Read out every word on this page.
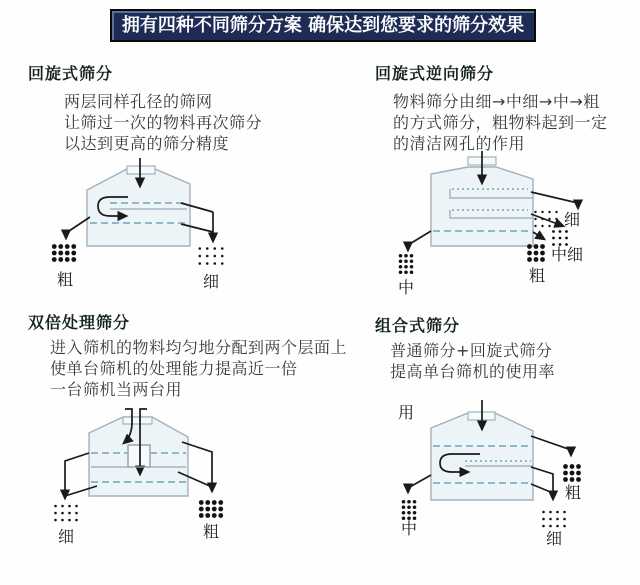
拥有四种不同筛分方案 确保达到您要求的筛分效果
回旋式筛分
两层同样孔径的筛网
让筛过一次的物料再次筛分
以达到更高的筛分精度
粗	细
回旋式逆向筛分
物料筛分由细→中细→中→粗
的方式筛分，粗物料起到一定
的清洁网孔的作用
细
中细
粗
中
双倍处理筛分
进入筛机的物料均匀地分配到两个层面上
使单台筛机的处理能力提高近一倍
一台筛机当两台用
细	粗
组合式筛分
普通筛分+回旋式筛分
提高单台筛机的使用率
用
粗
细
中
